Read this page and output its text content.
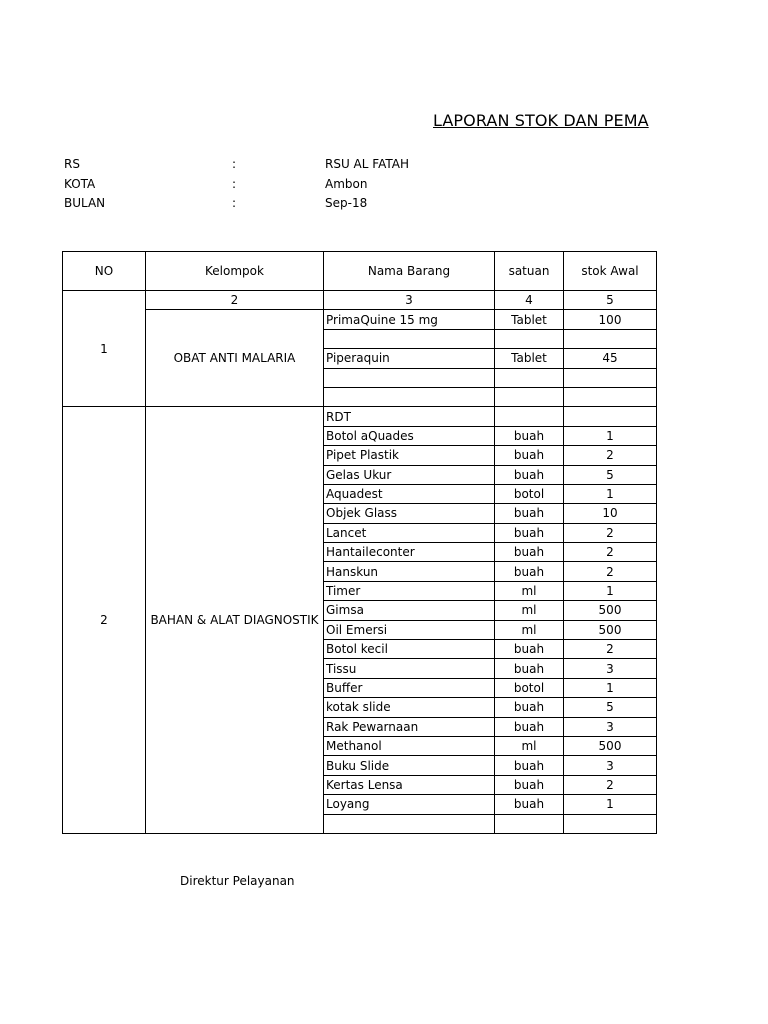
LAPORAN STOK DAN PEMA
RS	:	RSU AL FATAH
KOTA	:	Ambon
BULAN	:	Sep-18
NO	Kelompok	Nama Barang	satuan	stok Awal
1	2	3	4	5
	OBAT ANTI MALARIA	PrimaQuine 15 mg	Tablet	100

		Piperaquin	Tablet	45

2	BAHAN & ALAT DIAGNOSTIK	RDT		
		Botol aQuades	buah	1
		Pipet Plastik	buah	2
		Gelas Ukur	buah	5
		Aquadest	botol	1
		Objek Glass	buah	10
		Lancet	buah	2
		Hantaileconter	buah	2
		Hanskun	buah	2
		Timer	ml	1
		Gimsa	ml	500
		Oil Emersi	ml	500
		Botol kecil	buah	2
		Tissu	buah	3
		Buffer	botol	1
		kotak slide	buah	5
		Rak Pewarnaan	buah	3
		Methanol	ml	500
		Buku Slide	buah	3
		Kertas Lensa	buah	2
		Loyang	buah	1

Direktur Pelayanan
